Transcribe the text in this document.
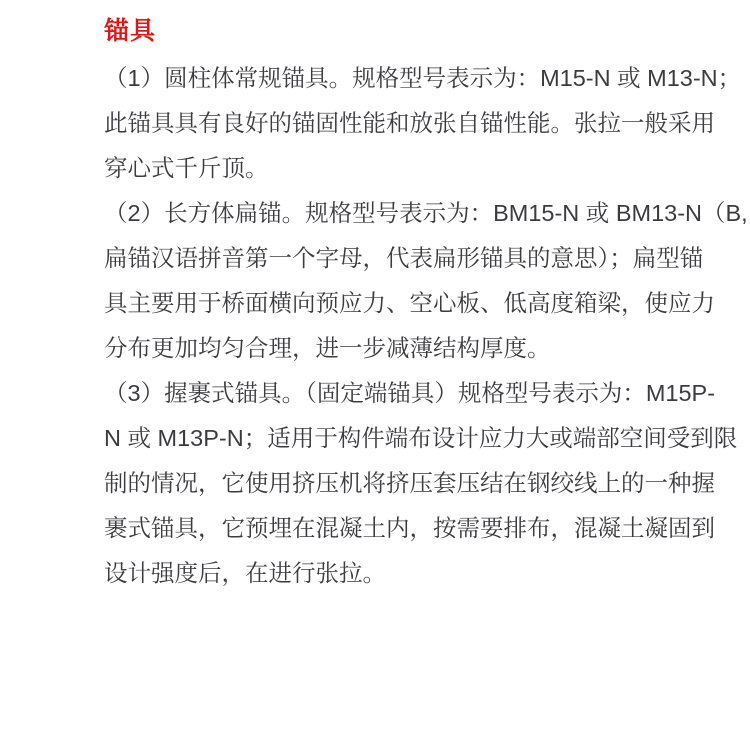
锚具
（1）圆柱体常规锚具。规格型号表示为：M15-N 或 M13-N；
此锚具具有良好的锚固性能和放张自锚性能。张拉一般采用
穿心式千斤顶。
（2）长方体扁锚。规格型号表示为：BM15-N 或 BM13-N（B,
扁锚汉语拼音第一个字母，代表扁形锚具的意思）；扁型锚
具主要用于桥面横向预应力、空心板、低高度箱梁，使应力
分布更加均匀合理，进一步减薄结构厚度。
（3）握裹式锚具。（固定端锚具）规格型号表示为：M15P-
N 或 M13P-N；适用于构件端布设计应力大或端部空间受到限
制的情况，它使用挤压机将挤压套压结在钢绞线上的一种握
裹式锚具，它预埋在混凝土内，按需要排布，混凝土凝固到
设计强度后，在进行张拉。
